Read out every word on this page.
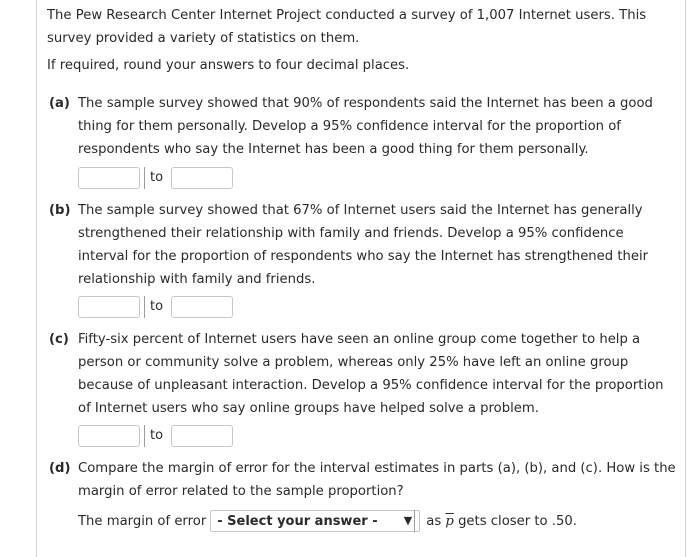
The Pew Research Center Internet Project conducted a survey of 1,007 Internet users. This survey provided a variety of statistics on them.
If required, round your answers to four decimal places.
(a) The sample survey showed that 90% of respondents said the Internet has been a good thing for them personally. Develop a 95% confidence interval for the proportion of respondents who say the Internet has been a good thing for them personally.
to
(b) The sample survey showed that 67% of Internet users said the Internet has generally strengthened their relationship with family and friends. Develop a 95% confidence interval for the proportion of respondents who say the Internet has strengthened their relationship with family and friends.
to
(c) Fifty-six percent of Internet users have seen an online group come together to help a person or community solve a problem, whereas only 25% have left an online group because of unpleasant interaction. Develop a 95% confidence interval for the proportion of Internet users who say online groups have helped solve a problem.
to
(d) Compare the margin of error for the interval estimates in parts (a), (b), and (c). How is the margin of error related to the sample proportion?
The margin of error - Select your answer -	▼ as
$\overline{p}$
gets closer to .50.
